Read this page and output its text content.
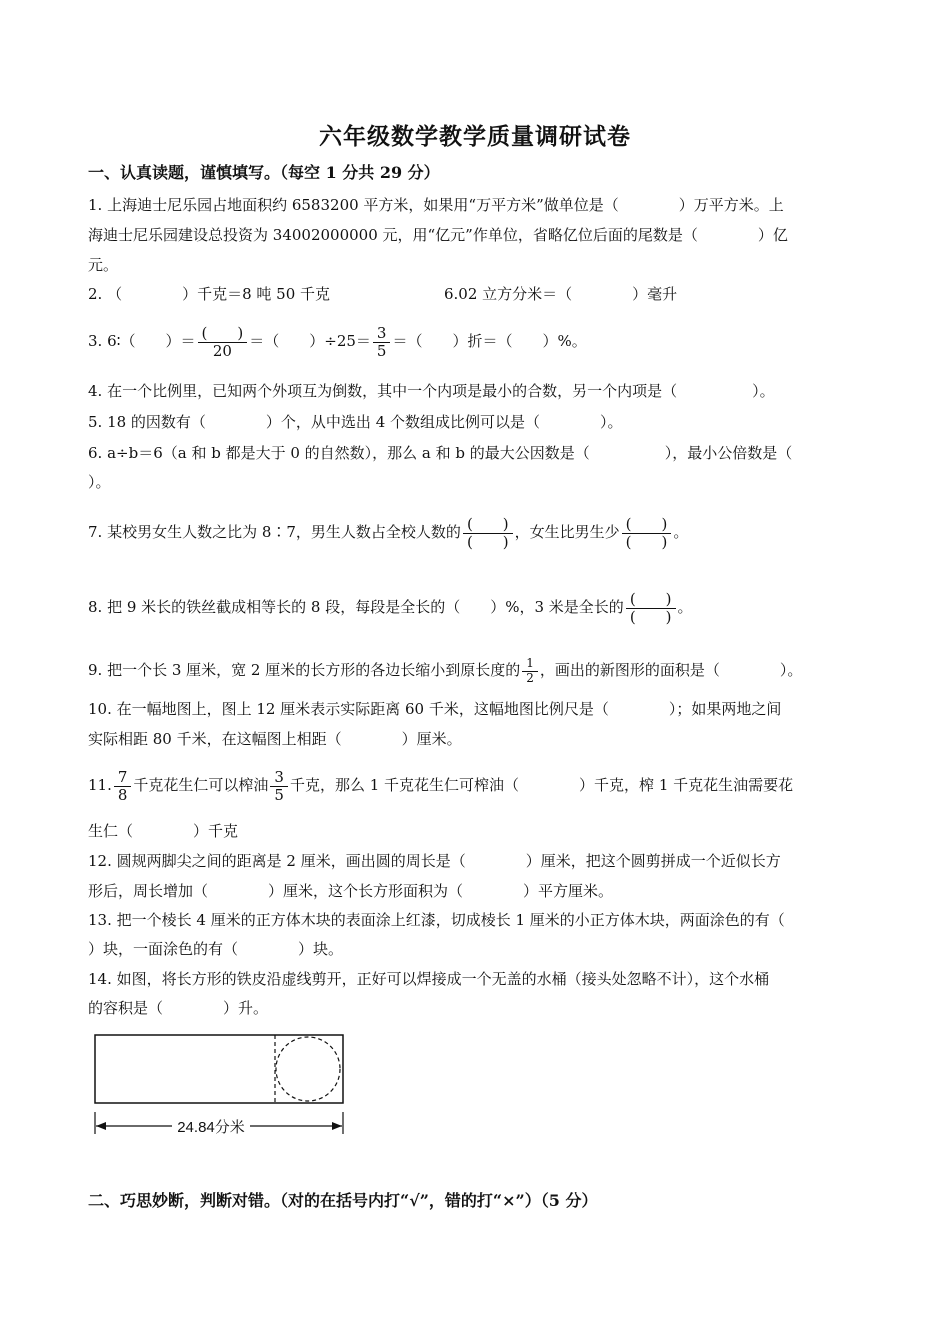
六年级数学教学质量调研试卷
一、认真读题，谨慎填写。（每空 1 分共 29 分）
1. 上海迪士尼乐园占地面积约 6583200 平方米，如果用“万平方米”做单位是（　　　　）万平方米。上
海迪士尼乐园建设总投资为 34002000000 元，用“亿元”作单位，省略亿位后面的尾数是（　　　　）亿
元。
2. （　　　　）千克＝8 吨 50 千克	6.02 立方分米＝（　　　　）毫升
3. 6∶（　　）＝ $\frac{( )}{20}$ ＝（　　）$\div 25= \frac{3}{5}$ ＝（　　）折＝（　　）%。
4. 在一个比例里，已知两个外项互为倒数，其中一个内项是最小的合数，另一个内项是（　　　　　）。
5. 18 的因数有（　　　　）个，从中选出 4 个数组成比例可以是（　　　　）。
6. a÷b＝6（a 和 b 都是大于 0 的自然数），那么 a 和 b 的最大公因数是（　　　　　），最小公倍数是（
）。
7. 某校男女生人数之比为 8∶7，男生人数占全校人数的 $\frac{( )}{( )}$ ，女生比男生少 $\frac{( )}{( )}$ 。
8. 把 9 米长的铁丝截成相等长的 8 段，每段是全长的（　　）%，3 米是全长的 $\frac{( )}{( )}$ 。
9. 把一个长 3 厘米，宽 2 厘米的长方形的各边长缩小到原长度的 $\frac{1}{2}$ ，画出的新图形的面积是（　　　　）。
10. 在一幅地图上，图上 12 厘米表示实际距离 60 千米，这幅地图比例尺是（　　　　）；如果两地之间
实际相距 80 千米，在这幅图上相距（　　　　）厘米。
11. $\frac{7}{8}$ 千克花生仁可以榨油 $\frac{3}{5}$ 千克，那么 1 千克花生仁可榨油（　　　　）千克，榨 1 千克花生油需要花
生仁（　　　　）千克
12. 圆规两脚尖之间的距离是 2 厘米，画出圆的周长是（　　　　）厘米，把这个圆剪拼成一个近似长方
形后，周长增加（　　　　）厘米，这个长方形面积为（　　　　）平方厘米。
13. 把一个棱长 4 厘米的正方体木块的表面涂上红漆，切成棱长 1 厘米的小正方体木块，两面涂色的有（
）块，一面涂色的有（　　　　）块。
14. 如图，将长方形的铁皮沿虚线剪开，正好可以焊接成一个无盖的水桶（接头处忽略不计），这个水桶
的容积是（　　　　）升。
24.84分米
二、巧思妙断，判断对错。（对的在括号内打“√”，错的打“×”）（5 分）
